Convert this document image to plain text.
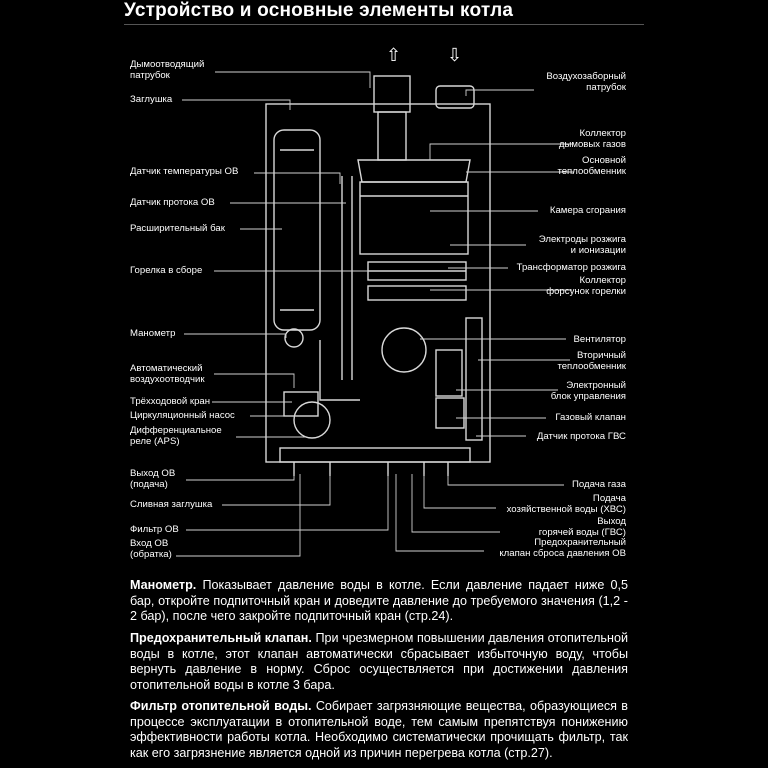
Устройство и основные элементы котла
⇧	⇩
Дымоотводящий
патрубок
Заглушка
Датчик температуры ОВ
Датчик протока ОВ
Расширительный бак
Горелка в сборе
Манометр
Автоматический
воздухоотводчик
Трёхходовой кран
Циркуляционный насос
Дифференциальное
реле (APS)
Выход ОВ
(подача)
Сливная заглушка
Фильтр ОВ
Вход ОВ
(обратка)
Воздухозаборный
патрубок
Коллектор
дымовых газов
Основной
теплообменник
Камера сгорания
Электроды розжига
и ионизации
Трансформатор розжига
Коллектор
форсунок горелки
Вентилятор
Вторичный
теплообменник
Электронный
блок управления
Газовый клапан
Датчик протока ГВС
Подача газа
Подача
хозяйственной воды (ХВС)
Выход
горячей воды (ГВС)
Предохранительный
клапан сброса давления ОВ
Манометр. Показывает давление воды в котле. Если давление падает ниже 0,5 бар, откройте подпиточный кран и доведите давление до требуемого значения (1,2 - 2 бар), после чего закройте подпиточный кран (стр.24).
Предохранительный клапан. При чрезмерном повышении давления отопительной воды в котле, этот клапан автоматически сбрасывает избыточную воду, чтобы вернуть давление в норму. Сброс осуществляется при достижении давления отопительной воды в котле 3 бара.
Фильтр отопительной воды. Собирает загрязняющие вещества, образующиеся в процессе эксплуатации в отопительной воде, тем самым препятствуя понижению эффективности работы котла. Необходимо систематически прочищать фильтр, так как его загрязнение является одной из причин перегрева котла (стр.27).
